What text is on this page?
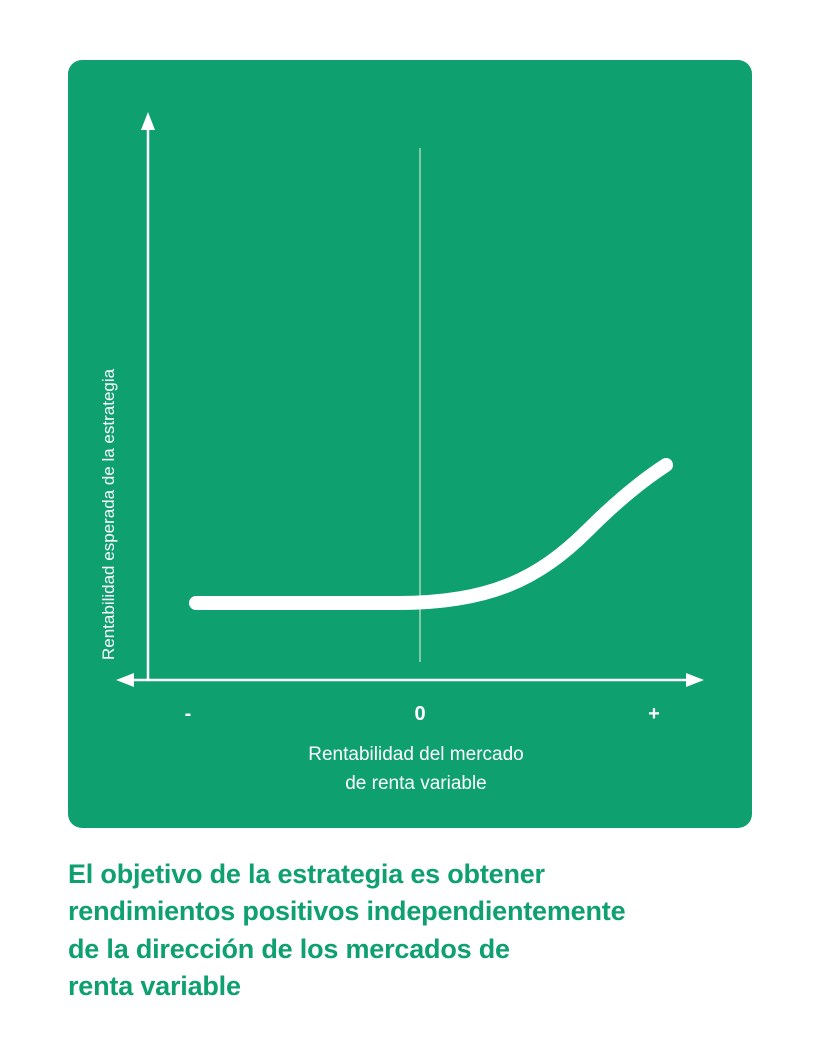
Rentabilidad esperada de la estrategia
-	0	+
Rentabilidad del mercado
de renta variable
El objetivo de la estrategia es obtener
rendimientos positivos independientemente
de la dirección de los mercados de
renta variable
